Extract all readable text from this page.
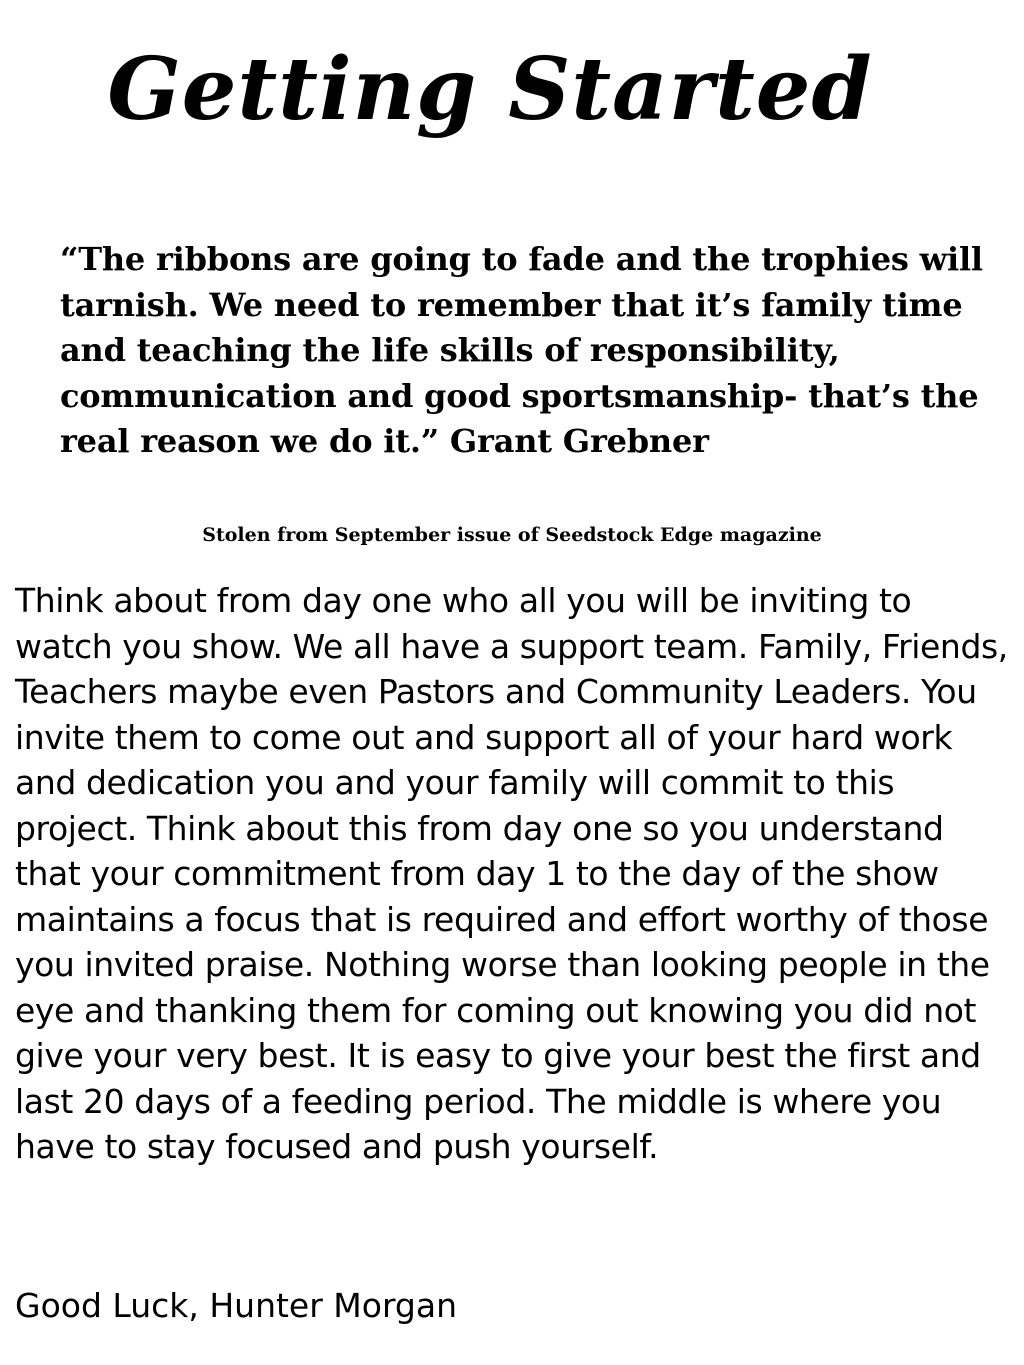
Getting Started

“The ribbons are going to fade and the trophies will tarnish. We need to remember that it’s family time and teaching the life skills of responsibility, communication and good sportsmanship- that’s the real reason we do it.” Grant Grebner

Stolen from September issue of Seedstock Edge magazine

Think about from day one who all you will be inviting to watch you show. We all have a support team. Family, Friends, Teachers maybe even Pastors and Community Leaders. You invite them to come out and support all of your hard work and dedication you and your family will commit to this project. Think about this from day one so you understand that your commitment from day 1 to the day of the show maintains a focus that is required and effort worthy of those you invited praise. Nothing worse than looking people in the eye and thanking them for coming out knowing you did not give your very best. It is easy to give your best the first and last 20 days of a feeding period. The middle is where you have to stay focused and push yourself.

Good Luck, Hunter Morgan
